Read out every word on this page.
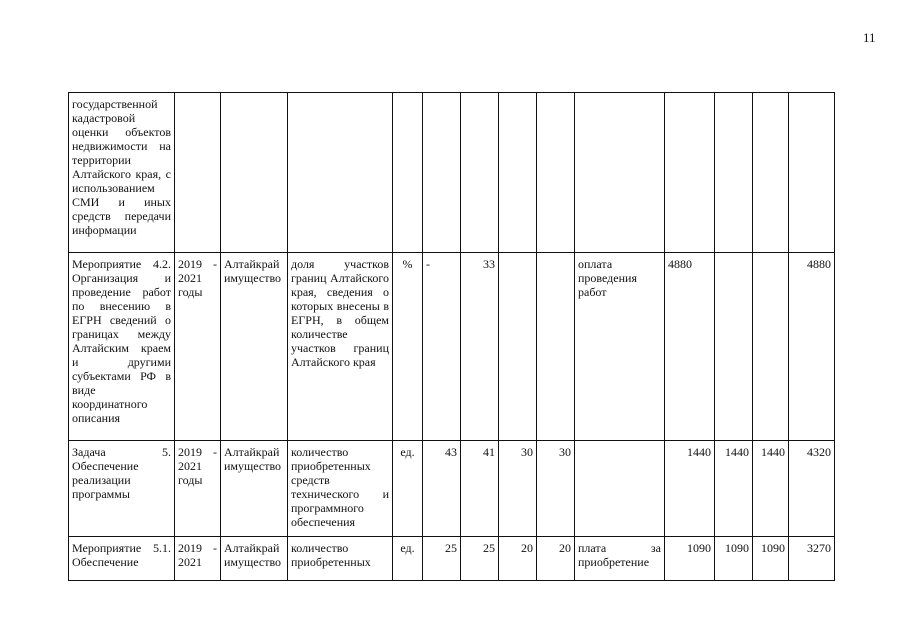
11
государственной кадастровой оценки объектов недвижимости на территории Алтайского края, с использованием СМИ и иных средств передачи информации													
Мероприятие 4.2. Организация и проведение работ по внесению в ЕГРН сведений о границах между Алтайским краем и другими субъектами РФ в виде координатного описания	2019 - 2021 годы	Алтайкрай имущество	доля участков границ Алтайского края, сведения о которых внесены в ЕГРН, в общем количестве участков границ Алтайского края	%	-	33			оплата проведения работ	4880			4880
Задача 5. Обеспечение реализации программы	2019 - 2021 годы	Алтайкрай имущество	количество приобретенных средств технического и программного обеспечения	ед.	43	41	30	30		1440	1440	1440	4320
Мероприятие 5.1. Обеспечение	2019 - 2021	Алтайкрай имущество	количество приобретенных	ед.	25	25	20	20	плата за приобретение	1090	1090	1090	3270
